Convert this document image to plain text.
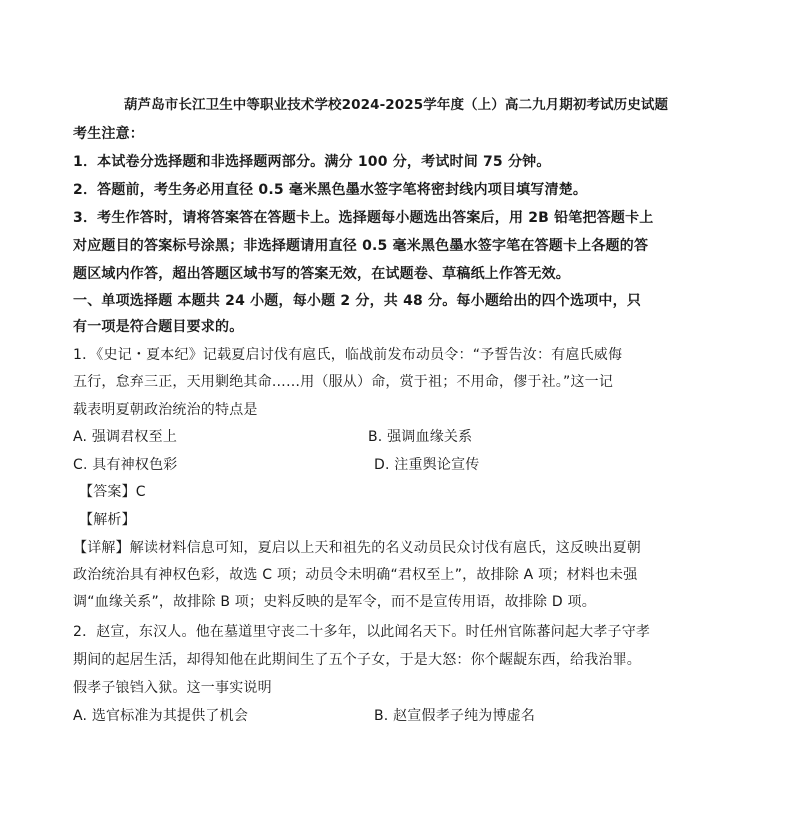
葫芦岛市长江卫生中等职业技术学校2024-2025学年度（上）高二九月期初考试历史试题
考生注意：
1．本试卷分选择题和非选择题两部分。满分 100 分，考试时间 75 分钟。
2．答题前，考生务必用直径 0.5 毫米黑色墨水签字笔将密封线内项目填写清楚。
3．考生作答时，请将答案答在答题卡上。选择题每小题选出答案后，用 2B 铅笔把答题卡上
对应题目的答案标号涂黑；非选择题请用直径 0.5 毫米黑色墨水签字笔在答题卡上各题的答
题区域内作答，超出答题区域书写的答案无效，在试题卷、草稿纸上作答无效。
一、单项选择题 本题共 24 小题，每小题 2 分，共 48 分。每小题给出的四个选项中，只
有一项是符合题目要求的。
1．《史记・夏本纪》记载夏启讨伐有扈氏，临战前发布动员令：“予誓告汝：有扈氏威侮
五行，怠弃三正，天用剿绝其命……用（服从）命，赏于祖；不用命，僇于社。”这一记
载表明夏朝政治统治的特点是
A. 强调君权至上	B. 强调血缘关系
C. 具有神权色彩	D. 注重舆论宣传
【答案】C
【解析】
【详解】解读材料信息可知，夏启以上天和祖先的名义动员民众讨伐有扈氏，这反映出夏朝
政治统治具有神权色彩，故选 C 项；动员令未明确“君权至上”，故排除 A 项；材料也未强
调“血缘关系”，故排除 B 项；史料反映的是军令，而不是宣传用语，故排除 D 项。
2．赵宣，东汉人。他在墓道里守丧二十多年，以此闻名天下。时任州官陈蕃问起大孝子守孝
期间的起居生活，却得知他在此期间生了五个子女，于是大怒：你个龌龊东西，给我治罪。
假孝子锒铛入狱。这一事实说明
A. 选官标准为其提供了机会	B. 赵宣假孝子纯为博虚名
